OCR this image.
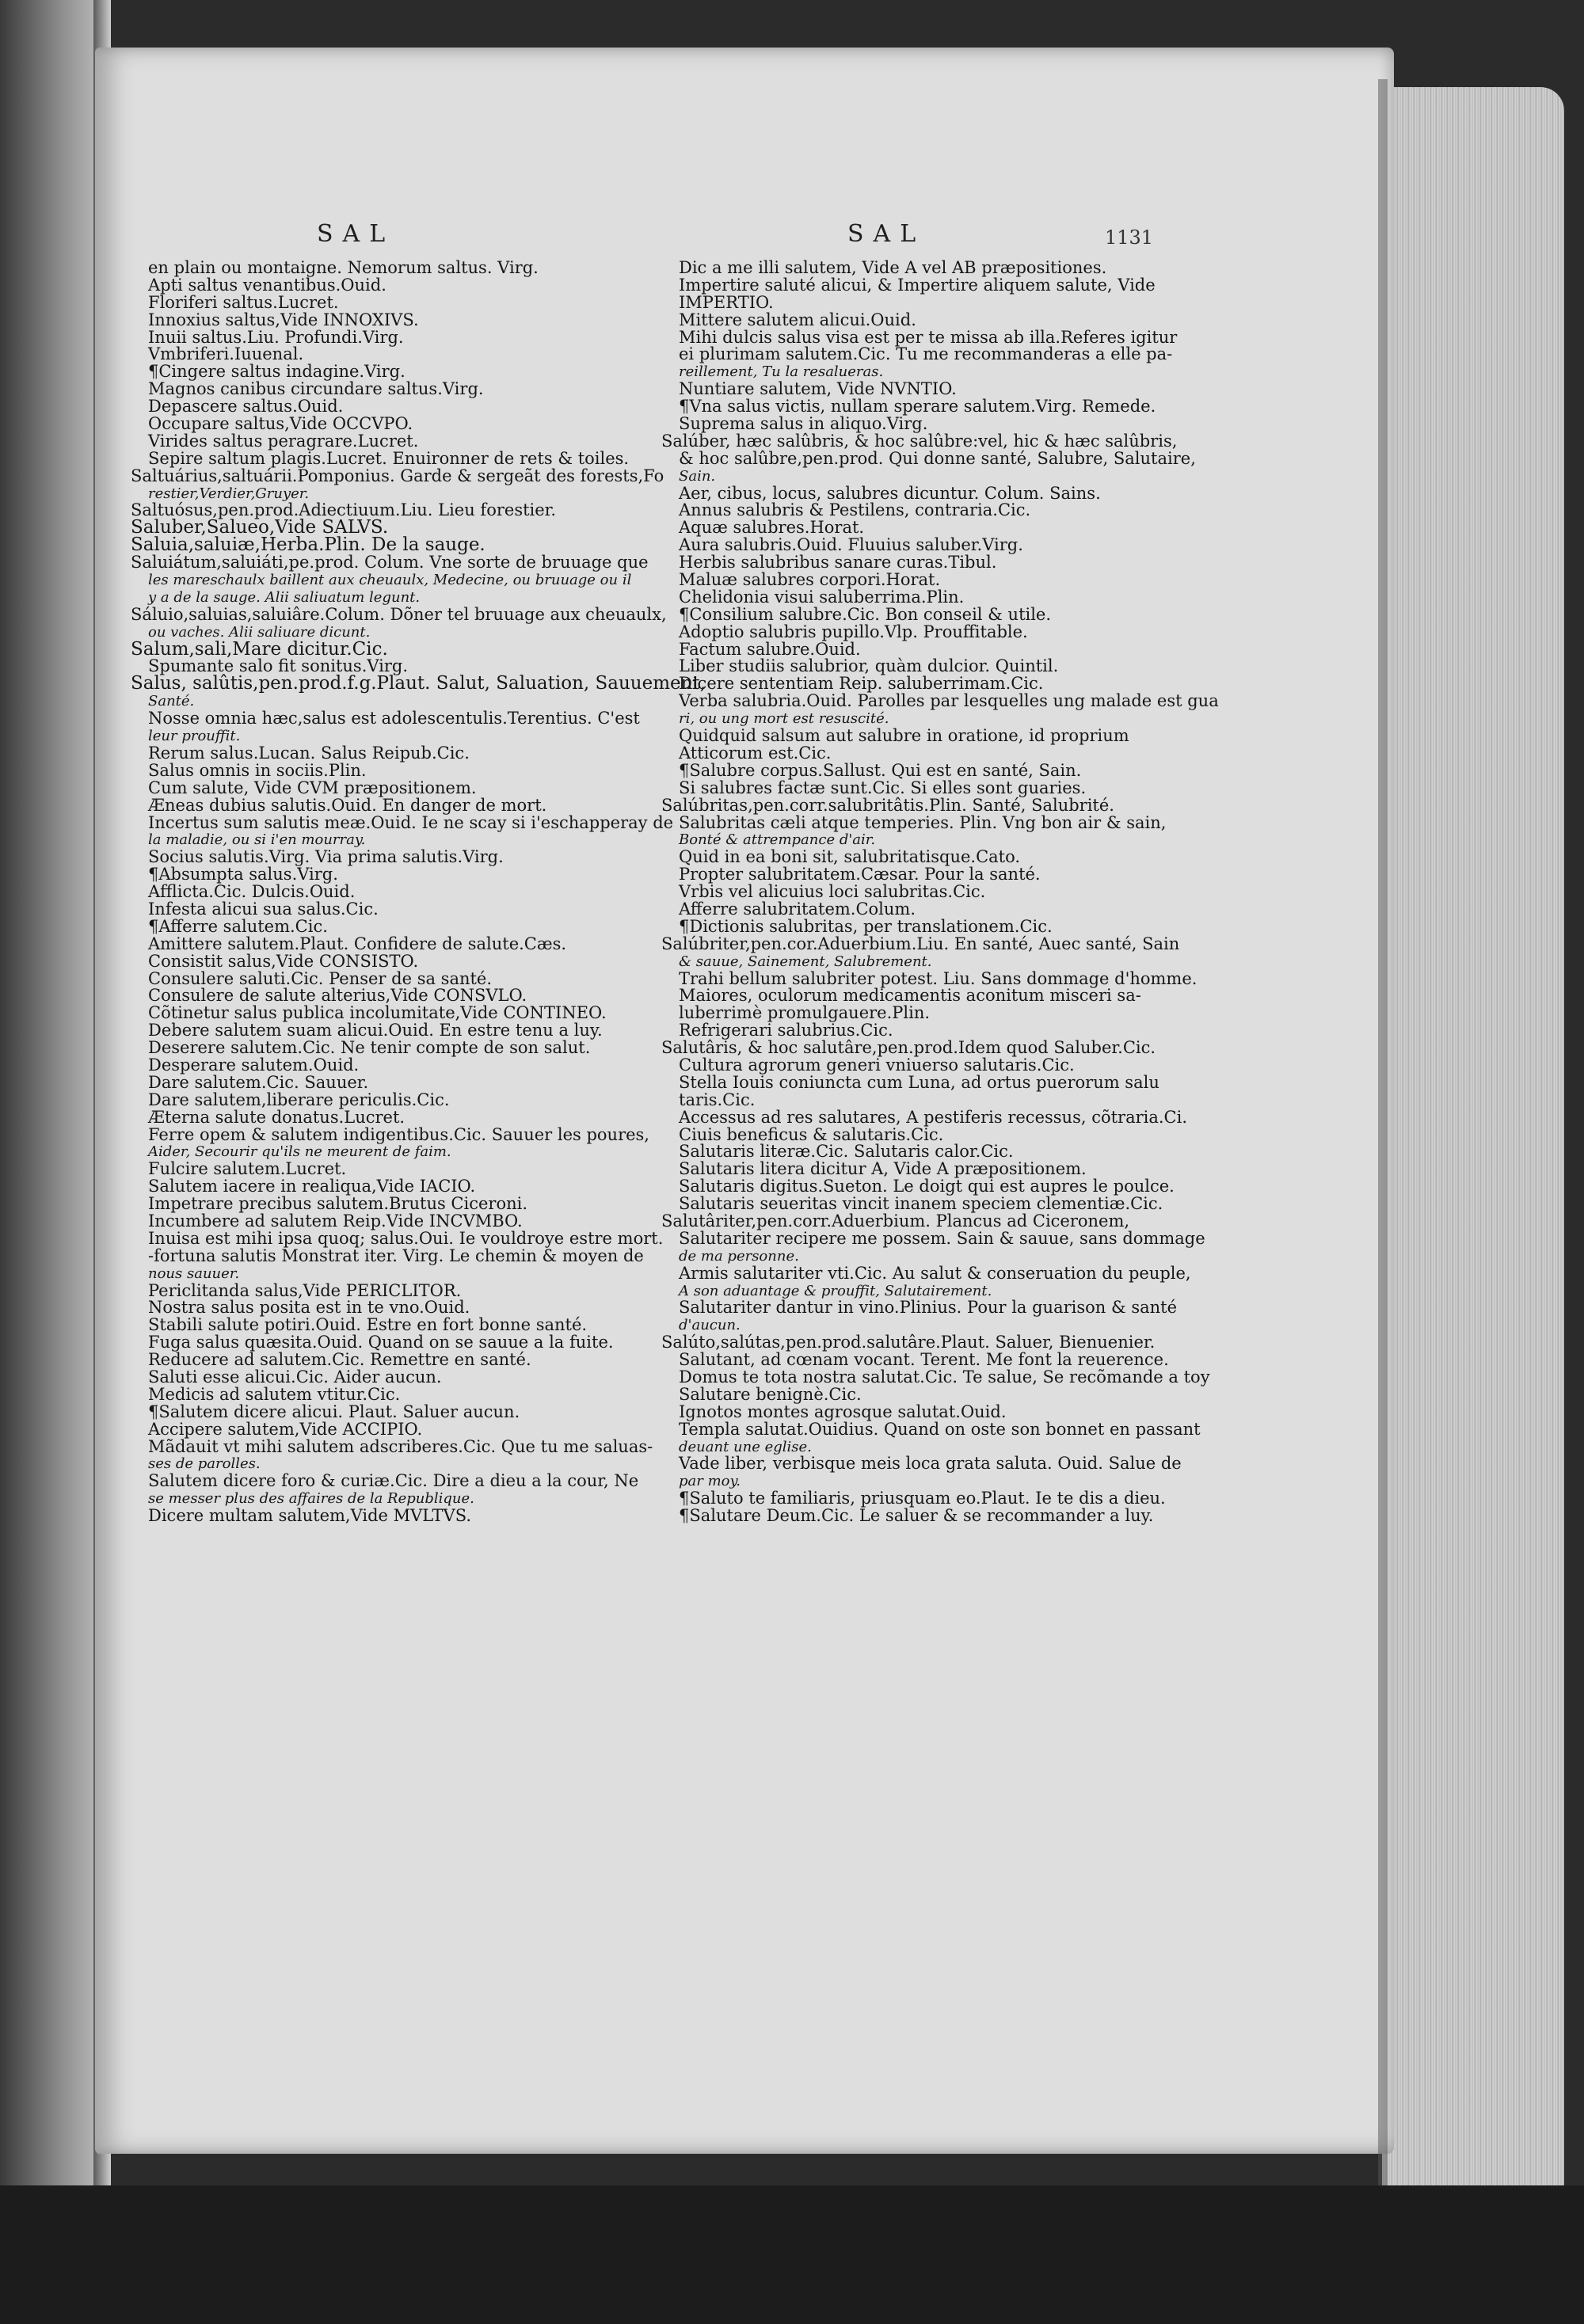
SAL	SAL	1131
en plain ou montaigne. Nemorum saltus. Virg.
Apti saltus venantibus.Ouid.
Floriferi saltus.Lucret.
Innoxius saltus,Vide INNOXIVS.
Inuii saltus.Liu. Profundi.Virg.
Vmbriferi.Iuuenal.
¶Cingere saltus indagine.Virg.
Magnos canibus circundare saltus.Virg.
Depascere saltus.Ouid.
Occupare saltus,Vide OCCVPO.
Virides saltus peragrare.Lucret.
Sepire saltum plagis.Lucret. Enuironner de rets & toiles.
Saltuárius,saltuárii.Pomponius. Garde & sergeãt des forests,Fo
restier,Verdier,Gruyer.
Saltuósus,pen.prod.Adiectiuum.Liu. Lieu forestier.
Saluber,Salueo,Vide SALVS.
Saluia,saluiæ,Herba.Plin. De la sauge.
Saluiátum,saluiáti,pe.prod. Colum. Vne sorte de bruuage que
les mareschaulx baillent aux cheuaulx, Medecine, ou bruuage ou il
y a de la sauge. Alii saliuatum legunt.
Sáluio,saluias,saluiâre.Colum. Dõner tel bruuage aux cheuaulx,
ou vaches. Alii saliuare dicunt.
Salum,sali,Mare dicitur.Cic.
Spumante salo fit sonitus.Virg.
Salus, salûtis,pen.prod.f.g.Plaut. Salut, Saluation, Sauuement,
Santé.
Nosse omnia hæc,salus est adolescentulis.Terentius. C'est
leur prouffit.
Rerum salus.Lucan. Salus Reipub.Cic.
Salus omnis in sociis.Plin.
Cum salute, Vide CVM præpositionem.
Æneas dubius salutis.Ouid. En danger de mort.
Incertus sum salutis meæ.Ouid. Ie ne scay si i'eschapperay de
la maladie, ou si i'en mourray.
Socius salutis.Virg. Via prima salutis.Virg.
¶Absumpta salus.Virg.
Afflicta.Cic. Dulcis.Ouid.
Infesta alicui sua salus.Cic.
¶Afferre salutem.Cic.
Amittere salutem.Plaut. Confidere de salute.Cæs.
Consistit salus,Vide CONSISTO.
Consulere saluti.Cic. Penser de sa santé.
Consulere de salute alterius,Vide CONSVLO.
Cõtinetur salus publica incolumitate,Vide CONTINEO.
Debere salutem suam alicui.Ouid. En estre tenu a luy.
Deserere salutem.Cic. Ne tenir compte de son salut.
Desperare salutem.Ouid.
Dare salutem.Cic. Sauuer.
Dare salutem,liberare periculis.Cic.
Æterna salute donatus.Lucret.
Ferre opem & salutem indigentibus.Cic. Sauuer les poures,
Aider, Secourir qu'ils ne meurent de faim.
Fulcire salutem.Lucret.
Salutem iacere in realiqua,Vide IACIO.
Impetrare precibus salutem.Brutus Ciceroni.
Incumbere ad salutem Reip.Vide INCVMBO.
Inuisa est mihi ipsa quoq; salus.Oui. Ie vouldroye estre mort.
-fortuna salutis Monstrat iter. Virg. Le chemin & moyen de
nous sauuer.
Periclitanda salus,Vide PERICLITOR.
Nostra salus posita est in te vno.Ouid.
Stabili salute potiri.Ouid. Estre en fort bonne santé.
Fuga salus quæsita.Ouid. Quand on se sauue a la fuite.
Reducere ad salutem.Cic. Remettre en santé.
Saluti esse alicui.Cic. Aider aucun.
Medicis ad salutem vtitur.Cic.
¶Salutem dicere alicui. Plaut. Saluer aucun.
Accipere salutem,Vide ACCIPIO.
Mãdauit vt mihi salutem adscriberes.Cic. Que tu me saluas-
ses de parolles.
Salutem dicere foro & curiæ.Cic. Dire a dieu a la cour, Ne
se messer plus des affaires de la Republique.
Dicere multam salutem,Vide MVLTVS.
Dic a me illi salutem, Vide A vel AB præpositiones.
Impertire saluté alicui, & Impertire aliquem salute, Vide
IMPERTIO.
Mittere salutem alicui.Ouid.
Mihi dulcis salus visa est per te missa ab illa.Referes igitur
ei plurimam salutem.Cic. Tu me recommanderas a elle pa-
reillement, Tu la resalueras.
Nuntiare salutem, Vide NVNTIO.
¶Vna salus victis, nullam sperare salutem.Virg. Remede.
Suprema salus in aliquo.Virg.
Salúber, hæc salûbris, & hoc salûbre:vel, hic & hæc salûbris,
& hoc salûbre,pen.prod. Qui donne santé, Salubre, Salutaire,
Sain.
Aer, cibus, locus, salubres dicuntur. Colum. Sains.
Annus salubris & Pestilens, contraria.Cic.
Aquæ salubres.Horat.
Aura salubris.Ouid. Fluuius saluber.Virg.
Herbis salubribus sanare curas.Tibul.
Maluæ salubres corpori.Horat.
Chelidonia visui saluberrima.Plin.
¶Consilium salubre.Cic. Bon conseil & utile.
Adoptio salubris pupillo.Vlp. Prouffitable.
Factum salubre.Ouid.
Liber studiis salubrior, quàm dulcior. Quintil.
Dicere sententiam Reip. saluberrimam.Cic.
Verba salubria.Ouid. Parolles par lesquelles ung malade est gua
ri, ou ung mort est resuscité.
Quidquid salsum aut salubre in oratione, id proprium
Atticorum est.Cic.
¶Salubre corpus.Sallust. Qui est en santé, Sain.
Si salubres factæ sunt.Cic. Si elles sont guaries.
Salúbritas,pen.corr.salubritâtis.Plin. Santé, Salubrité.
Salubritas cæli atque temperies. Plin. Vng bon air & sain,
Bonté & attrempance d'air.
Quid in ea boni sit, salubritatisque.Cato.
Propter salubritatem.Cæsar. Pour la santé.
Vrbis vel alicuius loci salubritas.Cic.
Afferre salubritatem.Colum.
¶Dictionis salubritas, per translationem.Cic.
Salúbriter,pen.cor.Aduerbium.Liu. En santé, Auec santé, Sain
& sauue, Sainement, Salubrement.
Trahi bellum salubriter potest. Liu. Sans dommage d'homme.
Maiores, oculorum medicamentis aconitum misceri sa-
luberrimè promulgauere.Plin.
Refrigerari salubrius.Cic.
Salutâris, & hoc salutâre,pen.prod.Idem quod Saluber.Cic.
Cultura agrorum generi vniuerso salutaris.Cic.
Stella Iouis coniuncta cum Luna, ad ortus puerorum salu
taris.Cic.
Accessus ad res salutares, A pestiferis recessus, cõtraria.Ci.
Ciuis beneficus & salutaris.Cic.
Salutaris literæ.Cic. Salutaris calor.Cic.
Salutaris litera dicitur A, Vide A præpositionem.
Salutaris digitus.Sueton. Le doigt qui est aupres le poulce.
Salutaris seueritas vincit inanem speciem clementiæ.Cic.
Salutâriter,pen.corr.Aduerbium. Plancus ad Ciceronem,
Salutariter recipere me possem. Sain & sauue, sans dommage
de ma personne.
Armis salutariter vti.Cic. Au salut & conseruation du peuple,
A son aduantage & prouffit, Salutairement.
Salutariter dantur in vino.Plinius. Pour la guarison & santé
d'aucun.
Salúto,salútas,pen.prod.salutâre.Plaut. Saluer, Bienuenier.
Salutant, ad cœnam vocant. Terent. Me font la reuerence.
Domus te tota nostra salutat.Cic. Te salue, Se recõmande a toy
Salutare benignè.Cic.
Ignotos montes agrosque salutat.Ouid.
Templa salutat.Ouidius. Quand on oste son bonnet en passant
deuant une eglise.
Vade liber, verbisque meis loca grata saluta. Ouid. Salue de
par moy.
¶Saluto te familiaris, priusquam eo.Plaut. Ie te dis a dieu.
¶Salutare Deum.Cic. Le saluer & se recommander a luy.
